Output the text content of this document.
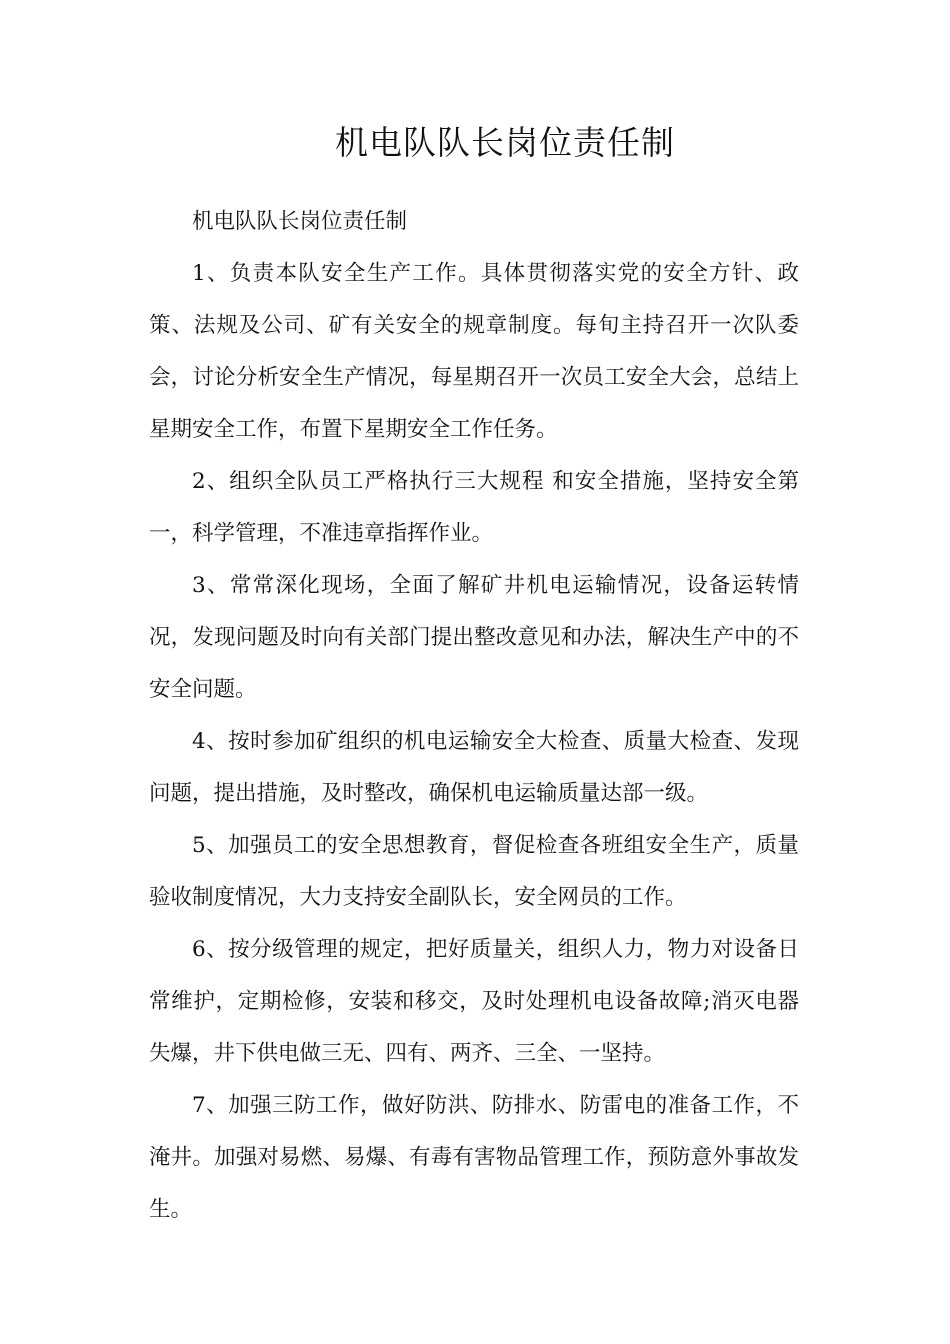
机电队队长岗位责任制

机电队队长岗位责任制

1、负责本队安全生产工作。具体贯彻落实党的安全方针、政策、法规及公司、矿有关安全的规章制度。每旬主持召开一次队委会，讨论分析安全生产情况，每星期召开一次员工安全大会，总结上星期安全工作，布置下星期安全工作任务。

2、组织全队员工严格执行三大规程 和安全措施，坚持安全第一，科学管理，不准违章指挥作业。

3、常常深化现场，全面了解矿井机电运输情况，设备运转情况，发现问题及时向有关部门提出整改意见和办法，解决生产中的不安全问题。

4、按时参加矿组织的机电运输安全大检查、质量大检查、发现问题，提出措施，及时整改，确保机电运输质量达部一级。

5、加强员工的安全思想教育，督促检查各班组安全生产，质量验收制度情况，大力支持安全副队长，安全网员的工作。

6、按分级管理的规定，把好质量关，组织人力，物力对设备日常维护，定期检修，安装和移交，及时处理机电设备故障;消灭电器失爆，井下供电做三无、四有、两齐、三全、一坚持。

7、加强三防工作，做好防洪、防排水、防雷电的准备工作，不淹井。加强对易燃、易爆、有毒有害物品管理工作，预防意外事故发生。
